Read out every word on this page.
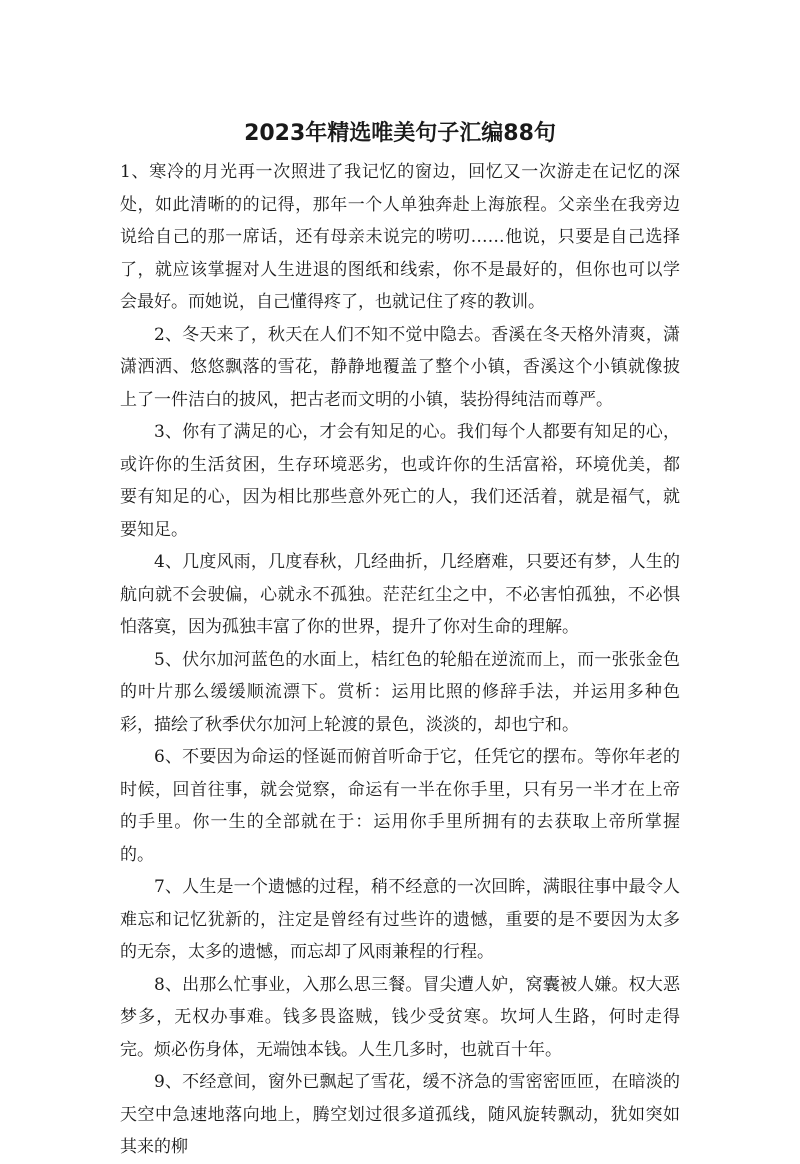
2023年精选唯美句子汇编88句

1、寒冷的月光再一次照进了我记忆的窗边，回忆又一次游走在记忆的深处，如此清晰的的记得，那年一个人单独奔赴上海旅程。父亲坐在我旁边说给自己的那一席话，还有母亲未说完的唠叨……他说，只要是自己选择了，就应该掌握对人生进退的图纸和线索，你不是最好的，但你也可以学会最好。而她说，自己懂得疼了，也就记住了疼的教训。

2、冬天来了，秋天在人们不知不觉中隐去。香溪在冬天格外清爽，潇潇洒洒、悠悠飘落的雪花，静静地覆盖了整个小镇，香溪这个小镇就像披上了一件洁白的披风，把古老而文明的小镇，装扮得纯洁而尊严。

3、你有了满足的心，才会有知足的心。我们每个人都要有知足的心，或许你的生活贫困，生存环境恶劣，也或许你的生活富裕，环境优美，都要有知足的心，因为相比那些意外死亡的人，我们还活着，就是福气，就要知足。

4、几度风雨，几度春秋，几经曲折，几经磨难，只要还有梦，人生的航向就不会驶偏，心就永不孤独。茫茫红尘之中，不必害怕孤独，不必惧怕落寞，因为孤独丰富了你的世界，提升了你对生命的理解。

5、伏尔加河蓝色的水面上，桔红色的轮船在逆流而上，而一张张金色的叶片那么缓缓顺流漂下。赏析：运用比照的修辞手法，并运用多种色彩，描绘了秋季伏尔加河上轮渡的景色，淡淡的，却也宁和。

6、不要因为命运的怪诞而俯首听命于它，任凭它的摆布。等你年老的时候，回首往事，就会觉察，命运有一半在你手里，只有另一半才在上帝的手里。你一生的全部就在于：运用你手里所拥有的去获取上帝所掌握的。

7、人生是一个遗憾的过程，稍不经意的一次回眸，满眼往事中最令人难忘和记忆犹新的，注定是曾经有过些许的遗憾，重要的是不要因为太多的无奈，太多的遗憾，而忘却了风雨兼程的行程。

8、出那么忙事业，入那么思三餐。冒尖遭人妒，窝囊被人嫌。权大恶梦多，无权办事难。钱多畏盗贼，钱少受贫寒。坎坷人生路，何时走得完。烦必伤身体，无端蚀本钱。人生几多时，也就百十年。

9、不经意间，窗外已飘起了雪花，缓不济急的雪密密匝匝，在暗淡的天空中急速地落向地上，腾空划过很多道孤线，随风旋转飘动，犹如突如其来的柳
